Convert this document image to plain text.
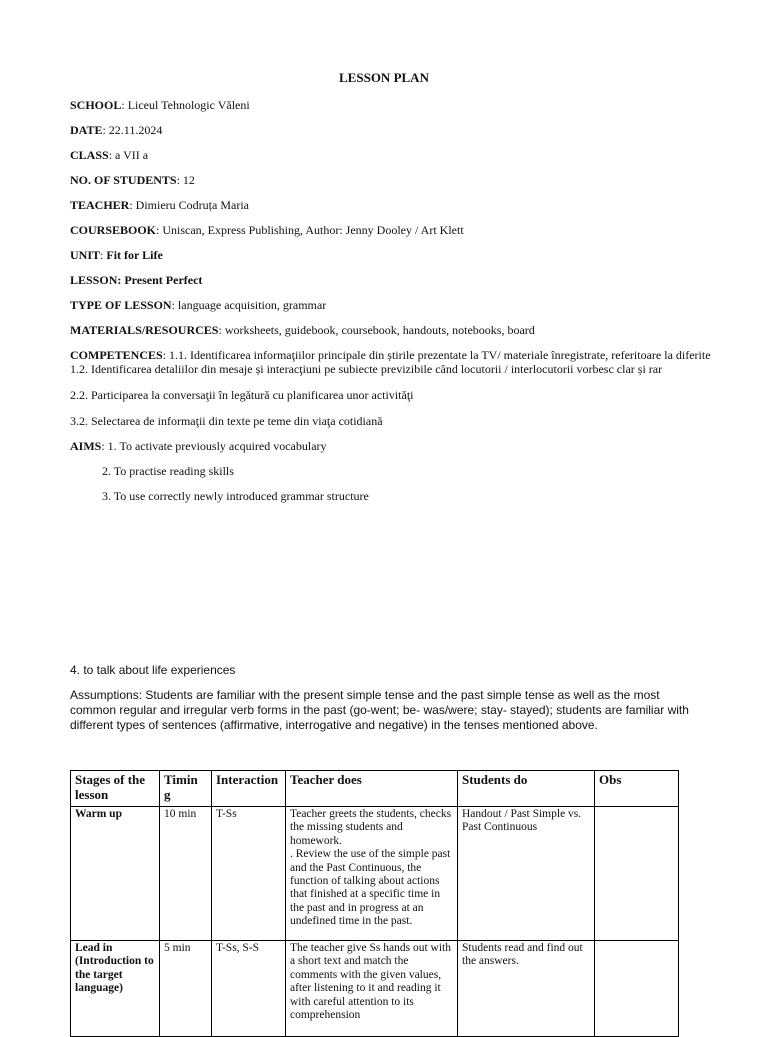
LESSON PLAN
SCHOOL: Liceul Tehnologic Văleni
DATE: 22.11.2024
CLASS: a VII a
NO. OF STUDENTS: 12
TEACHER: Dimieru Codruța Maria
COURSEBOOK: Uniscan, Express Publishing, Author: Jenny Dooley / Art Klett
UNIT: Fit for Life
LESSON: Present Perfect
TYPE OF LESSON: language acquisition, grammar
MATERIALS/RESOURCES: worksheets, guidebook, coursebook, handouts, notebooks, board
COMPETENCES: 1.1. Identificarea informaţiilor principale din știrile prezentate la TV/ materiale înregistrate, referitoare la diferite
1.2. Identificarea detaliilor din mesaje și interacţiuni pe subiecte previzibile când locutorii / interlocutorii vorbesc clar și rar
2.2. Participarea la conversaţii în legătură cu planificarea unor activităţi
3.2. Selectarea de informaţii din texte pe teme din viaţa cotidiană
AIMS: 1. To activate previously acquired vocabulary
2. To practise reading skills
3. To use correctly newly introduced grammar structure
4. to talk about life experiences
Assumptions: Students are familiar with the present simple tense and the past simple tense as well as the most common regular and irregular verb forms in the past (go-went; be- was/were; stay- stayed); students are familiar with different types of sentences (affirmative, interrogative and negative) in the tenses mentioned above.
Stages of the lesson	Timin g	Interaction	Teacher does	Students do	Obs
Warm up	10 min	T-Ss	Teacher greets the students, checks the missing students and homework.
. Review the use of the simple past and the Past Continuous, the function of talking about actions that finished at a specific time in the past and in progress at an undefined time in the past.	Handout / Past Simple vs. Past Continuous	
Lead in (Introduction to the target language)	5 min	T-Ss, S-S	The teacher give Ss hands out with a short text and match the comments with the given values, after listening to it and reading it with careful attention to its comprehension	Students read and find out the answers.	
